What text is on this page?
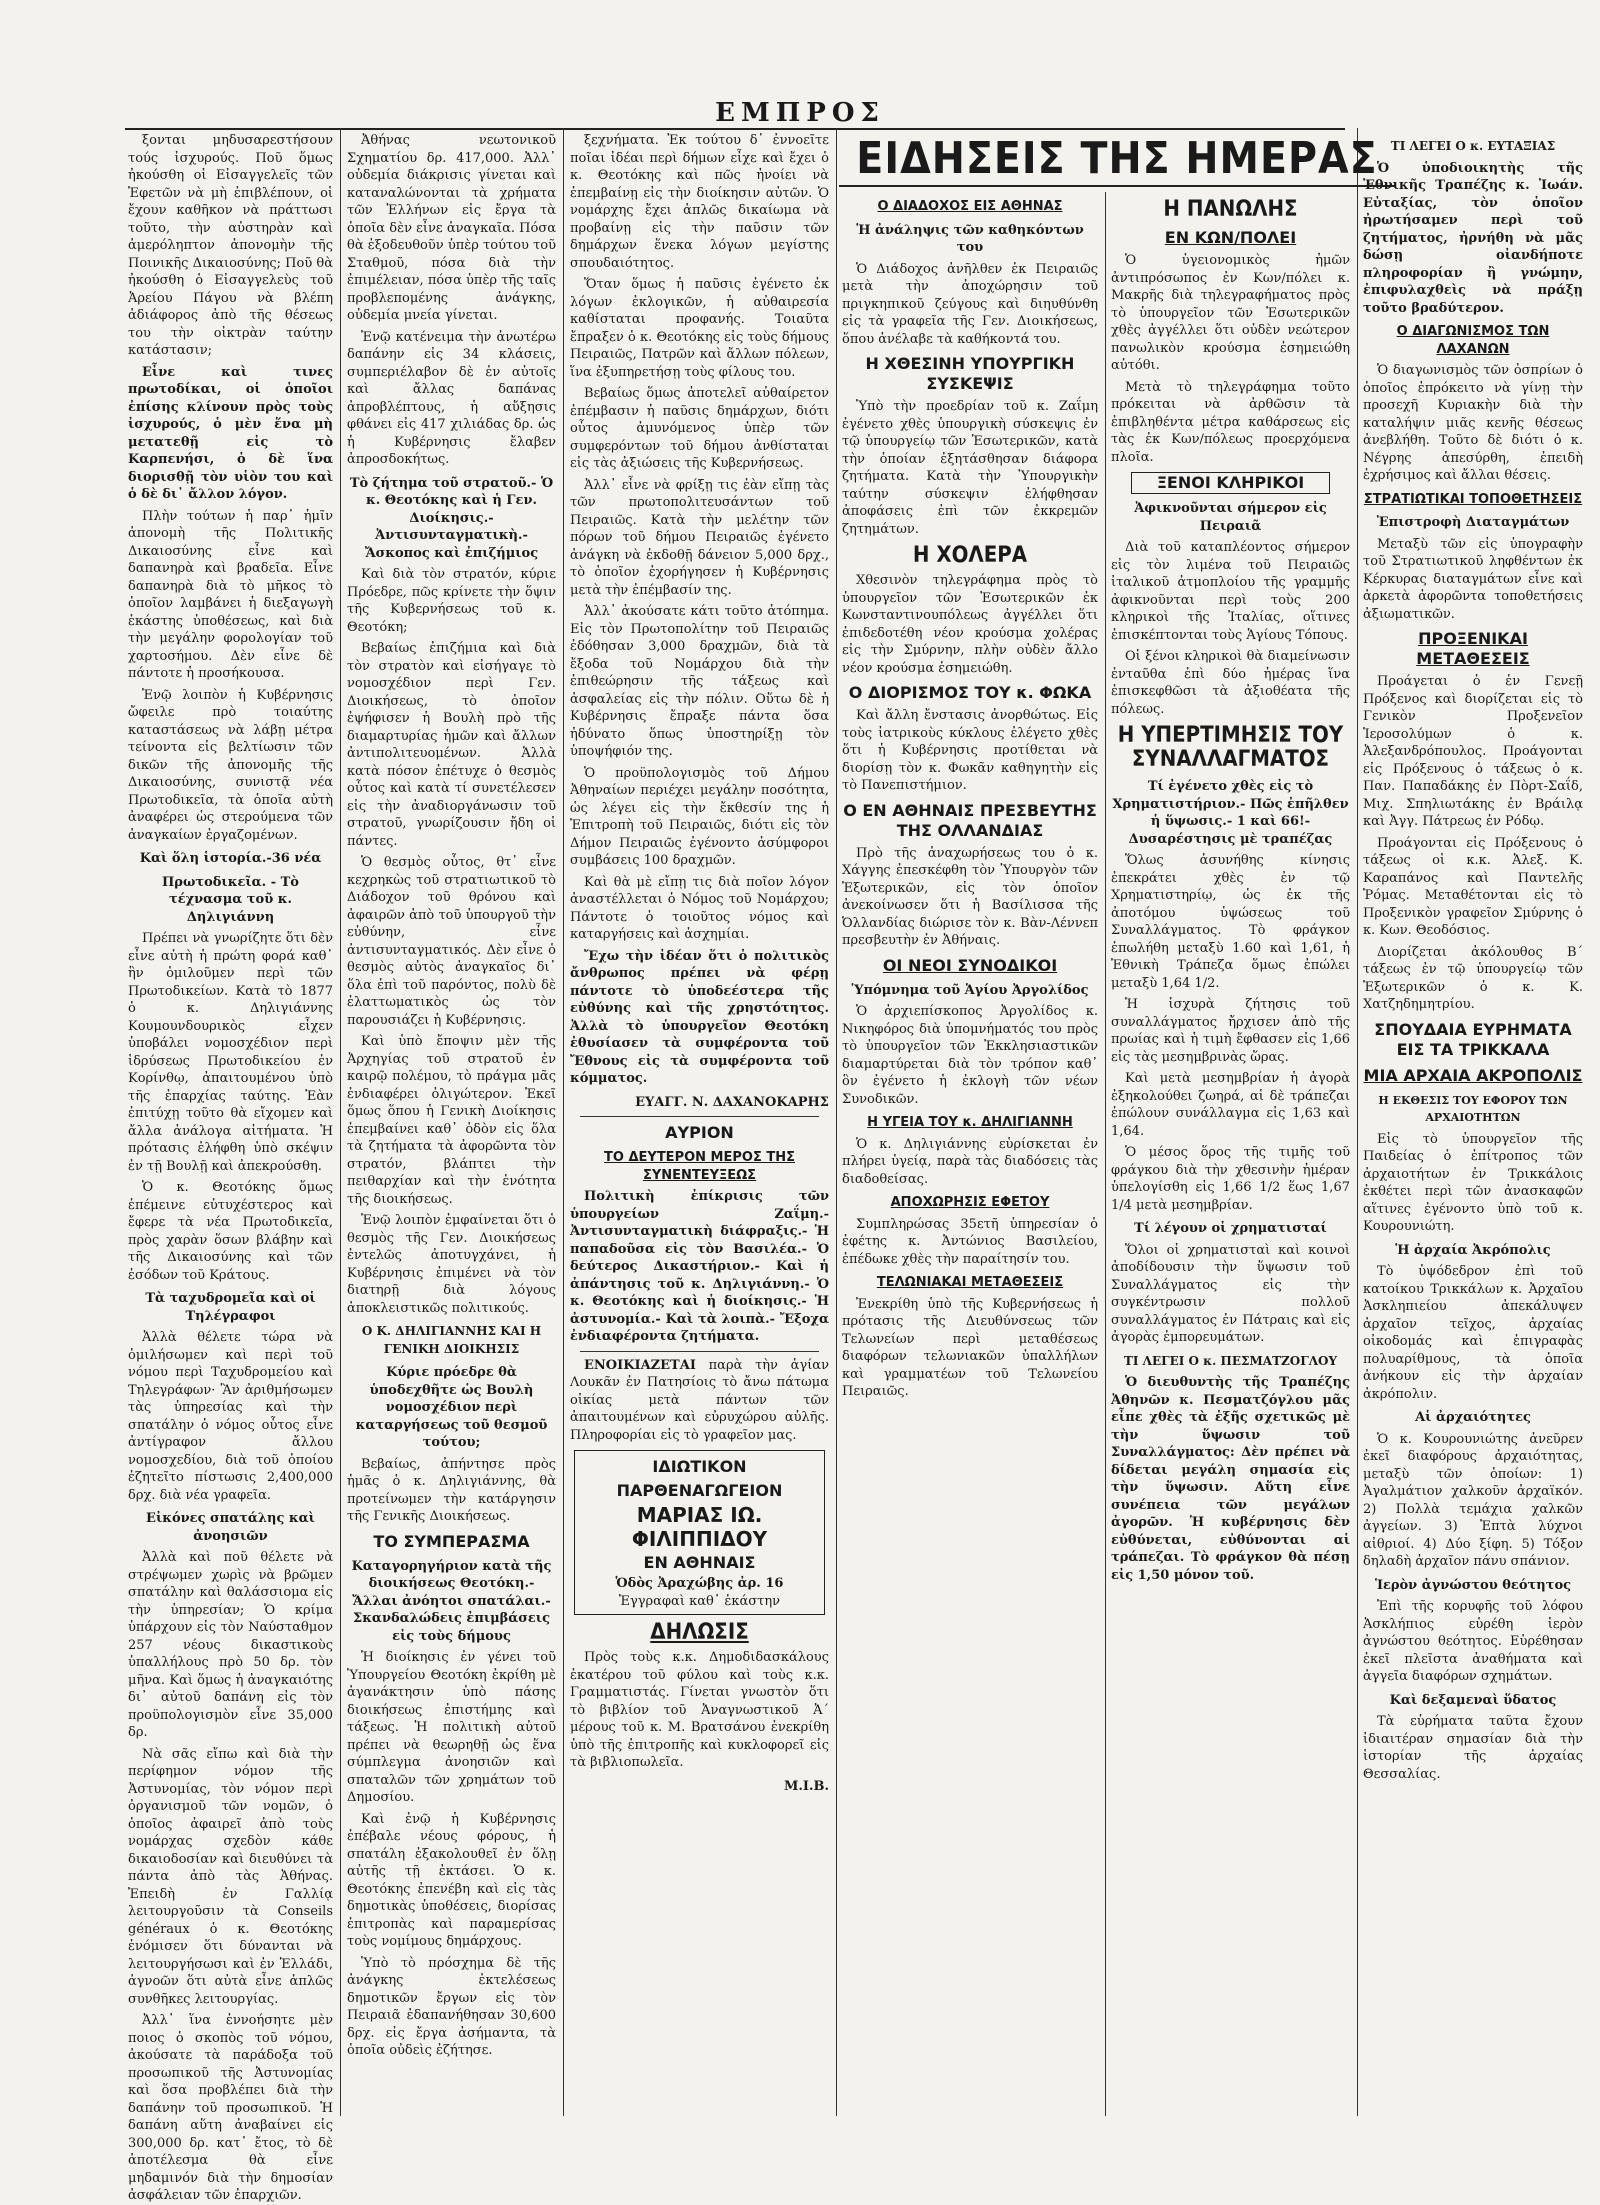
ΕΜΠΡΟΣ

ξονται μηδυσαρεστήσουν τούς ἰσχυρούς. Ποῦ ὅμως ἠκούσθη οἱ Εἰσαγγελεῖς τῶν Ἐφετῶν νὰ μὴ ἐπιβλέπουν, οἱ ἔχουν καθῆκον νὰ πράττωσι τοῦτο, τὴν αὐστηρὰν καὶ ἀμερόληπτον ἀπονομὴν τῆς Ποινικῆς Δικαιοσύνης; Ποῦ θὰ ἠκούσθη ὁ Εἰσαγγελεὺς τοῦ Ἀρείου Πάγου νὰ βλέπη ἀδιάφορος ἀπὸ τῆς θέσεως του τὴν οἰκτρὰν ταύτην κατάστασιν;

Εἶνε καὶ τινες πρωτοδίκαι, οἱ ὁποῖοι ἐπίσης κλίνουν πρὸς τοὺς ἰσχυρούς, ὁ μὲν ἕνα μὴ μετατεθῇ εἰς τὸ Καρπενήσι, ὁ δὲ ἵνα διορισθῇ τὸν υἱὸν του καὶ ὁ δὲ δι᾽ ἄλλον λόγον.

Πλὴν τούτων ἡ παρ᾽ ἡμῖν ἀπονομὴ τῆς Πολιτικῆς Δικαιοσύνης εἶνε καὶ δαπανηρὰ καὶ βραδεῖα. Εἶνε δαπανηρὰ διὰ τὸ μῆκος τὸ ὁποῖον λαμβάνει ἡ διεξαγωγὴ ἑκάστης ὑποθέσεως, καὶ διὰ τὴν μεγάλην φορολογίαν τοῦ χαρτοσήμου. Δὲν εἶνε δὲ πάντοτε ἡ προσήκουσα.

Ἐνῷ λοιπὸν ἡ Κυβέρνησις ὤφειλε πρὸ τοιαύτης καταστάσεως νὰ λάβῃ μέτρα τείνοντα εἰς βελτίωσιν τῶν δικῶν τῆς ἀπονομῆς τῆς Δικαιοσύνης, συνιστᾷ νέα Πρωτοδικεῖα, τὰ ὁποῖα αὐτὴ ἀναφέρει ὡς στερούμενα τῶν ἀναγκαίων ἐργαζομένων.

Καὶ ὅλη ἱστορία.-36 νέα
Πρωτοδικεῖα. - Τὸ τέχνασμα τοῦ κ. Δηλιγιάννη

Πρέπει νὰ γνωρίζητε ὅτι δὲν εἶνε αὐτὴ ἡ πρώτη φορά καθ᾽ ἣν ὁμιλοῦμεν περὶ τῶν Πρωτοδικείων. Κατὰ τὸ 1877 ὁ κ. Δηλιγιάννης Κουμουνδουρικὸς εἶχεν ὑποβάλει νομοσχέδιον περὶ ἱδρύσεως Πρωτοδικείου ἐν Κορίνθῳ, ἀπαιτουμένου ὑπὸ τῆς ἐπαρχίας ταύτης. Ἐὰν ἐπιτύχῃ τοῦτο θὰ εἴχομεν καὶ ἄλλα ἀνάλογα αἰτήματα. Ἡ πρότασις ἐλήφθη ὑπὸ σκέψιν ἐν τῇ Βουλῇ καὶ ἀπεκρούσθη.

Ὁ κ. Θεοτόκης ὅμως ἐπέμεινε εὐτυχέστερος καὶ ἔφερε τὰ νέα Πρωτοδικεῖα, πρὸς χαρὰν ὅσων βλάβην καὶ τῆς Δικαιοσύνης καὶ τῶν ἐσόδων τοῦ Κράτους.

Τὰ ταχυδρομεῖα καὶ οἱ Τηλέγραφοι

Ἀλλὰ θέλετε τώρα νὰ ὁμιλήσωμεν καὶ περὶ τοῦ νόμου περὶ Ταχυδρομείου καὶ Τηλεγράφων· Ἂν ἀριθμήσωμεν τὰς ὑπηρεσίας καὶ τὴν σπατάλην ὁ νόμος οὗτος εἶνε ἀντίγραφον ἄλλου νομοσχεδίου, διὰ τοῦ ὁποίου ἐζητεῖτο πίστωσις 2,400,000 δρχ. διὰ νέα γραφεῖα.

Εἰκόνες σπατάλης καὶ ἀνοησιῶν

Ἀλλὰ καὶ ποῦ θέλετε νὰ στρέψωμεν χωρὶς νὰ βρῶμεν σπατάλην καὶ θαλάσσιομα εἰς τὴν ὑπηρεσίαν; Ὁ κρίμα ὑπάρχουν εἰς τὸν Ναύσταθμον 257 νέους δικαστικοὺς ὑπαλλήλους πρὸ 50 δρ. τὸν μῆνα. Καὶ ὅμως ἡ ἀναγκαιότης δι᾽ αὐτοῦ δαπάνη εἰς τὸν προϋπολογισμὸν εἶνε 35,000 δρ.

Νὰ σᾶς εἴπω καὶ διὰ τὴν περίφημον νόμον τῆς Ἀστυνομίας, τὸν νόμον περὶ ὀργανισμοῦ τῶν νομῶν, ὁ ὁποῖος ἀφαιρεῖ ἀπὸ τοὺς νομάρχας σχεδὸν κάθε δικαιοδοσίαν καὶ διευθύνει τὰ πάντα ἀπὸ τὰς Ἀθήνας. Ἐπειδὴ ἐν Γαλλίᾳ λειτουργοῦσιν τὰ Conseils généraux ὁ κ. Θεοτόκης ἐνόμισεν ὅτι δύνανται νὰ λειτουργήσωσι καὶ ἐν Ἑλλάδι, ἀγνοῶν ὅτι αὐτὰ εἶνε ἀπλῶς συνθῆκες λειτουργίας.

Ἀλλ᾽ ἵνα ἐννοήσητε μὲν ποιος ὁ σκοπὸς τοῦ νόμου, ἀκούσατε τὰ παράδοξα τοῦ προσωπικοῦ τῆς Ἀστυνομίας καὶ ὅσα προβλέπει διὰ τὴν δαπάνην τοῦ προσωπικοῦ. Ἡ δαπάνη αὕτη ἀναβαίνει εἰς 300,000 δρ. κατ᾽ ἔτος, τὸ δὲ ἀποτέλεσμα θὰ εἶνε μηδαμινόν διὰ τὴν δημοσίαν ἀσφάλειαν τῶν ἐπαρχιῶν.

Ἀθήνας νεωτονικοῦ Σχηματίου δρ. 417,000. Ἀλλ᾽ οὐδεμία διάκρισις γίνεται καὶ καταναλώνονται τὰ χρήματα τῶν Ἑλλήνων εἰς ἔργα τὰ ὁποῖα δὲν εἶνε ἀναγκαῖα. Πόσα θὰ ἐξοδευθοῦν ὑπὲρ τούτου τοῦ Σταθμοῦ, πόσα διὰ τὴν ἐπιμέλειαν, πόσα ὑπὲρ τῆς ταῖς προβλεπομένης ἀνάγκης, οὐδεμία μνεία γίνεται.

Ἐνῷ κατένειμα τὴν ἀνωτέρω δαπάνην εἰς 34 κλάσεις, συμπεριέλαβον δὲ ἐν αὐτοῖς καὶ ἄλλας δαπάνας ἀπροβλέπτους, ἡ αὔξησις φθάνει εἰς 417 χιλιάδας δρ. ὡς ἡ Κυβέρνησις ἔλαβεν ἀπροσδοκήτως.

Τὸ ζήτημα τοῦ στρατοῦ.- Ὁ κ. Θεοτόκης καὶ ἡ Γεν. Διοίκησις.- Ἀντισυνταγματικὴ.- Ἄσκοπος καὶ ἐπιζήμιος

Καὶ διὰ τὸν στρατόν, κύριε Πρόεδρε, πῶς κρίνετε τὴν ὅψιν τῆς Κυβερνήσεως τοῦ κ. Θεοτόκη;

Βεβαίως ἐπιζήμια καὶ διὰ τὸν στρατὸν καὶ εἰσήγαγε τὸ νομοσχέδιον περὶ Γεν. Διοικήσεως, τὸ ὁποῖον ἐψήφισεν ἡ Βουλὴ πρὸ τῆς διαμαρτυρίας ἡμῶν καὶ ἄλλων ἀντιπολιτευομένων. Ἀλλὰ κατὰ πόσον ἐπέτυχε ὁ θεσμὸς οὗτος καὶ κατὰ τί συνετέλεσεν εἰς τὴν ἀναδιοργάνωσιν τοῦ στρατοῦ, γνωρίζουσιν ἤδη οἱ πάντες.

Ὁ θεσμὸς οὗτος, θτ᾽ εἶνε κεχρηκὼς τοῦ στρατιωτικοῦ τὸ Διάδοχον τοῦ θρόνου καὶ ἀφαιρῶν ἀπὸ τοῦ ὑπουργοῦ τὴν εὐθύνην, εἶνε ἀντισυνταγματικός. Δὲν εἶνε ὁ θεσμὸς αὐτὸς ἀναγκαῖος δι᾽ ὅλα ἐπὶ τοῦ παρόντος, πολὺ δὲ ἐλαττωματικὸς ὡς τὸν παρουσιάζει ἡ Κυβέρνησις.

Καὶ ὑπὸ ἔποψιν μὲν τῆς Ἀρχηγίας τοῦ στρατοῦ ἐν καιρῷ πολέμου, τὸ πράγμα μᾶς ἐνδιαφέρει ὀλιγώτερον. Ἐκεῖ ὅμως ὅπου ἡ Γενικὴ Διοίκησις ἐπεμβαίνει καθ᾽ ὁδὸν εἰς ὅλα τὰ ζητήματα τὰ ἀφορῶντα τὸν στρατόν, βλάπτει τὴν πειθαρχίαν καὶ τὴν ἑνότητα τῆς διοικήσεως.

Ἐνῷ λοιπὸν ἐμφαίνεται ὅτι ὁ θεσμὸς τῆς Γεν. Διοικήσεως ἐντελῶς ἀποτυγχάνει, ἡ Κυβέρνησις ἐπιμένει νὰ τὸν διατηρῇ διὰ λόγους ἀποκλειστικῶς πολιτικούς.

Ο Κ. ΔΗΛΙΓΙΑΝΝΗΣ ΚΑΙ Η ΓΕΝΙΚΗ ΔΙΟΙΚΗΣΙΣ
Κύριε πρόεδρε θὰ ὑποδεχθῆτε ὡς Βουλὴ νομοσχέδιον περὶ καταργήσεως τοῦ θεσμοῦ τούτου;

Βεβαίως, ἀπήντησε πρὸς ἡμᾶς ὁ κ. Δηλιγιάννης, θὰ προτείνωμεν τὴν κατάργησιν τῆς Γενικῆς Διοικήσεως.

ΤΟ ΣΥΜΠΕΡΑΣΜΑ
Καταγορηγήριον κατὰ τῆς διοικήσεως Θεοτόκη.- Ἄλλαι ἀνόητοι σπατάλαι.- Σκανδαλώδεις ἐπιμβάσεις εἰς τοὺς δήμους

Ἡ διοίκησις ἐν γένει τοῦ Ὑπουργείου Θεοτόκη ἐκρίθη μὲ ἀγανάκτησιν ὑπὸ πάσης διοικήσεως ἐπιστήμης καὶ τάξεως. Ἡ πολιτικὴ αὐτοῦ πρέπει νὰ θεωρηθῇ ὡς ἕνα σύμπλεγμα ἀνοησιῶν καὶ σπαταλῶν τῶν χρημάτων τοῦ Δημοσίου.

Καὶ ἐνῷ ἡ Κυβέρνησις ἐπέβαλε νέους φόρους, ἡ σπατάλη ἐξακολουθεῖ ἐν ὅλῃ αὐτῆς τῇ ἐκτάσει. Ὁ κ. Θεοτόκης ἐπενέβη καὶ εἰς τὰς δημοτικὰς ὑποθέσεις, διορίσας ἐπιτροπὰς καὶ παραμερίσας τοὺς νομίμους δημάρχους.

Ὑπὸ τὸ πρόσχημα δὲ τῆς ἀνάγκης ἐκτελέσεως δημοτικῶν ἔργων εἰς τὸν Πειραιᾶ ἐδαπανήθησαν 30,600 δρχ. εἰς ἔργα ἀσήμαντα, τὰ ὁποῖα οὐδεὶς ἐζήτησε.

ξεχνήματα. Ἐκ τούτου δ᾽ ἐννοεῖτε ποῖαι ἰδέαι περὶ δήμων εἶχε καὶ ἔχει ὁ κ. Θεοτόκης καὶ πῶς ἠνοίει νὰ ἐπεμβαίνῃ εἰς τὴν διοίκησιν αὐτῶν. Ὁ νομάρχης ἔχει ἁπλῶς δικαίωμα νὰ προβαίνῃ εἰς τὴν παῦσιν τῶν δημάρχων ἕνεκα λόγων μεγίστης σπουδαιότητος.

Ὅταν ὅμως ἡ παῦσις ἐγένετο ἐκ λόγων ἐκλογικῶν, ἡ αὐθαιρεσία καθίσταται προφανής. Τοιαῦτα ἔπραξεν ὁ κ. Θεοτόκης εἰς τοὺς δήμους Πειραιῶς, Πατρῶν καὶ ἄλλων πόλεων, ἵνα ἐξυπηρετήσῃ τοὺς φίλους του.

Βεβαίως ὅμως ἀποτελεῖ αὐθαίρετον ἐπέμβασιν ἡ παῦσις δημάρχων, διότι οὗτος ἀμυνόμενος ὑπὲρ τῶν συμφερόντων τοῦ δήμου ἀνθίσταται εἰς τὰς ἀξιώσεις τῆς Κυβερνήσεως.

Ἀλλ᾽ εἶνε νὰ φρίξῃ τις ἐὰν εἴπῃ τὰς τῶν πρωτοπολιτευσάντων τοῦ Πειραιῶς. Κατὰ τὴν μελέτην τῶν πόρων τοῦ δήμου Πειραιῶς ἐγένετο ἀνάγκη νὰ ἐκδοθῇ δάνειον 5,000 δρχ., τὸ ὁποῖον ἐχορήγησεν ἡ Κυβέρνησις μετὰ τὴν ἐπέμβασίν της.

Ἀλλ᾽ ἀκούσατε κάτι τοῦτο ἀτόπημα. Εἰς τὸν Πρωτοπολίτην τοῦ Πειραιῶς ἐδόθησαν 3,000 δραχμῶν, διὰ τὰ ἔξοδα τοῦ Νομάρχου διὰ τὴν ἐπιθεώρησιν τῆς τάξεως καὶ ἀσφαλείας εἰς τὴν πόλιν. Οὕτω δὲ ἡ Κυβέρνησις ἔπραξε πάντα ὅσα ἠδύνατο ὅπως ὑποστηρίξῃ τὸν ὑποψήφιόν της.

Ὁ προϋπολογισμὸς τοῦ Δήμου Ἀθηναίων περιέχει μεγάλην ποσότητα, ὡς λέγει εἰς τὴν ἔκθεσίν της ἡ Ἐπιτροπὴ τοῦ Πειραιῶς, διότι εἰς τὸν Δήμον Πειραιῶς ἐγένοντο ἀσύμφοροι συμβάσεις 100 δραχμῶν.

Καὶ θὰ μὲ εἴπῃ τις διὰ ποῖον λόγον ἀναστέλλεται ὁ Νόμος τοῦ Νομάρχου; Πάντοτε ὁ τοιοῦτος νόμος καὶ καταργήσεις καὶ ἀσχημίαι.

Ἔχω τὴν ἰδέαν ὅτι ὁ πολιτικὸς ἄνθρωπος πρέπει νὰ φέρῃ πάντοτε τὸ ὑποδεέστερα τῆς εὐθύνης καὶ τῆς χρηστότητος. Ἀλλὰ τὸ ὑπουργεῖον Θεοτόκη ἐθυσίασεν τὰ συμφέροντα τοῦ Ἔθνους εἰς τὰ συμφέροντα τοῦ κόμματος.

ΕΥΑΓΓ. Ν. ΔΑΧΑΝΟΚΑΡΗΣ
ΑΥΡΙΟΝ
ΤΟ ΔΕΥΤΕΡΟΝ ΜΕΡΟΣ ΤΗΣ ΣΥΝΕΝΤΕΥΞΕΩΣ

Πολιτικὴ ἐπίκρισις τῶν ὑπουργείων Ζαΐμη.- Ἀντισυνταγματικὴ διάφραξις.- Ἡ παπαδοῦσα εἰς τὸν Βασιλέα.- Ὁ δεύτερος Δικαστήριον.- Καὶ ἡ ἀπάντησις τοῦ κ. Δηλιγιάννη.- Ὁ κ. Θεοτόκης καὶ ἡ διοίκησις.- Ἡ ἀστυνομία.- Καὶ τὰ λοιπὰ.- Ἔξοχα ἐνδιαφέροντα ζητήματα.

ΕΝΟΙΚΙΑΖΕΤΑΙ παρὰ τὴν ἁγίαν Λουκᾶν ἐν Πατησίοις τὸ ἄνω πάτωμα οἰκίας μετὰ πάντων τῶν ἀπαιτουμένων καὶ εὐρυχώρου αὐλῆς. Πληροφορίαι εἰς τὸ γραφεῖον μας.

ΙΔΙΩΤΙΚΟΝ ΠΑΡΘΕΝΑΓΩΓΕΙΟΝ
ΜΑΡΙΑΣ ΙΩ. ΦΙΛΙΠΠΙΔΟΥ
ΕΝ ΑΘΗΝΑΙΣ
Ὁδὸς Ἀραχώβης ἀρ. 16
Ἐγγραφαὶ καθ᾽ ἑκάστην
ΔΗΛΩΣΙΣ

Πρὸς τοὺς κ.κ. Δημοδιδασκάλους ἑκατέρου τοῦ φύλου καὶ τοὺς κ.κ. Γραμματιστάς. Γίνεται γνωστὸν ὅτι τὸ βιβλίον τοῦ Ἀναγνωστικοῦ Ἀ΄ μέρους τοῦ κ. Μ. Βρατσάνου ἐνεκρίθη ὑπὸ τῆς ἐπιτροπῆς καὶ κυκλοφορεῖ εἰς τὰ βιβλιοπωλεῖα.

Μ.Ι.Β.
ΕΙΔΗΣΕΙΣ ΤΗΣ ΗΜΕΡΑΣ
Ο ΔΙΑΔΟΧΟΣ ΕΙΣ ΑΘΗΝΑΣ
Ἡ ἀνάληψις τῶν καθηκόντων του

Ὁ Διάδοχος ἀνῆλθεν ἐκ Πειραιῶς μετὰ τὴν ἀποχώρησιν τοῦ πριγκηπικοῦ ζεύγους καὶ διηυθύνθη εἰς τὰ γραφεῖα τῆς Γεν. Διοικήσεως, ὅπου ἀνέλαβε τὰ καθήκοντά του.

Η ΧΘΕΣΙΝΗ ΥΠΟΥΡΓΙΚΗ ΣΥΣΚΕΨΙΣ

Ὑπὸ τὴν προεδρίαν τοῦ κ. Ζαΐμη ἐγένετο χθὲς ὑπουργικὴ σύσκεψις ἐν τῷ ὑπουργείῳ τῶν Ἐσωτερικῶν, κατὰ τὴν ὁποίαν ἐξητάσθησαν διάφορα ζητήματα. Κατὰ τὴν Ὑπουργικὴν ταύτην σύσκεψιν ἐλήφθησαν ἀποφάσεις ἐπὶ τῶν ἐκκρεμῶν ζητημάτων.

Η ΧΟΛΕΡΑ

Χθεσινὸν τηλεγράφημα πρὸς τὸ ὑπουργεῖον τῶν Ἐσωτερικῶν ἐκ Κωνσταντινουπόλεως ἀγγέλλει ὅτι ἐπιδεδοτέθη νέον κρούσμα χολέρας εἰς τὴν Σμύρνην, πλὴν οὐδὲν ἄλλο νέον κρούσμα ἐσημειώθη.

Ο ΔΙΟΡΙΣΜΟΣ ΤΟΥ κ. ΦΩΚΑ

Καὶ ἄλλη ἔνστασις ἀνορθώτως. Εἰς τοὺς ἰατρικοὺς κύκλους ἐλέγετο χθὲς ὅτι ἡ Κυβέρνησις προτίθεται νὰ διορίσῃ τὸν κ. Φωκᾶν καθηγητὴν εἰς τὸ Πανεπιστήμιον.

Ο ΕΝ ΑΘΗΝΑΙΣ ΠΡΕΣΒΕΥΤΗΣ ΤΗΣ ΟΛΛΑΝΔΙΑΣ

Πρὸ τῆς ἀναχωρήσεως του ὁ κ. Χάγγης ἐπεσκέφθη τὸν Ὑπουργὸν τῶν Ἐξωτερικῶν, εἰς τὸν ὁποῖον ἀνεκοίνωσεν ὅτι ἡ Βασίλισσα τῆς Ὀλλανδίας διώρισε τὸν κ. Βὰν-Λέννεπ πρεσβευτὴν ἐν Ἀθήναις.

ΟΙ ΝΕΟΙ ΣΥΝΟΔΙΚΟΙ
Ὑπόμνημα τοῦ Ἁγίου Ἀργολίδος

Ὁ ἀρχιεπίσκοπος Ἀργολίδος κ. Νικηφόρος διὰ ὑπομνήματός του πρὸς τὸ ὑπουργεῖον τῶν Ἐκκλησιαστικῶν διαμαρτύρεται διὰ τὸν τρόπον καθ᾽ ὃν ἐγένετο ἡ ἐκλογὴ τῶν νέων Συνοδικῶν.

Η ΥΓΕΙΑ ΤΟΥ κ. ΔΗΛΙΓΙΑΝΝΗ

Ὁ κ. Δηλιγιάννης εὑρίσκεται ἐν πλήρει ὑγείᾳ, παρὰ τὰς διαδόσεις τὰς διαδοθείσας.

ΑΠΟΧΩΡΗΣΙΣ ΕΦΕΤΟΥ

Συμπληρώσας 35ετῆ ὑπηρεσίαν ὁ ἐφέτης κ. Ἀντώνιος Βασιλείου, ἐπέδωκε χθὲς τὴν παραίτησίν του.

ΤΕΛΩΝΙΑΚΑΙ ΜΕΤΑΘΕΣΕΙΣ

Ἐνεκρίθη ὑπὸ τῆς Κυβερνήσεως ἡ πρότασις τῆς Διευθύνσεως τῶν Τελωνείων περὶ μεταθέσεως διαφόρων τελωνιακῶν ὑπαλλήλων καὶ γραμματέων τοῦ Τελωνείου Πειραιῶς.

Η ΠΑΝΩΛΗΣ
ΕΝ ΚΩΝ/ΠΟΛΕΙ

Ὁ ὑγειονομικὸς ἡμῶν ἀντιπρόσωπος ἐν Κων/πόλει κ. Μακρῆς διὰ τηλεγραφήματος πρὸς τὸ ὑπουργεῖον τῶν Ἐσωτερικῶν χθὲς ἀγγέλλει ὅτι οὐδὲν νεώτερον πανωλικὸν κρούσμα ἐσημειώθη αὐτόθι.

Μετὰ τὸ τηλεγράφημα τοῦτο πρόκειται νὰ ἀρθῶσιν τὰ ἐπιβληθέντα μέτρα καθάρσεως εἰς τὰς ἐκ Κων/πόλεως προερχόμενα πλοῖα.

ΞΕΝΟΙ ΚΛΗΡΙΚΟΙ
Ἀφικνοῦνται σήμερον εἰς Πειραιᾶ

Διὰ τοῦ καταπλέοντος σήμερον εἰς τὸν λιμένα τοῦ Πειραιῶς ἰταλικοῦ ἀτμοπλοίου τῆς γραμμῆς ἀφικνοῦνται περὶ τοὺς 200 κληρικοὶ τῆς Ἰταλίας, οἵτινες ἐπισκέπτονται τοὺς Ἁγίους Τόπους.

Οἱ ξένοι κληρικοὶ θὰ διαμείνωσιν ἐνταῦθα ἐπὶ δύο ἡμέρας ἵνα ἐπισκεφθῶσι τὰ ἀξιοθέατα τῆς πόλεως.

Η ΥΠΕΡΤΙΜΗΣΙΣ ΤΟΥ ΣΥΝΑΛΛΑΓΜΑΤΟΣ
Τί ἐγένετο χθὲς εἰς τὸ Χρηματιστήριον.- Πῶς ἐπῆλθεν ἡ ὕψωσις.- 1 καὶ 66!- Δυσαρέστησις μὲ τραπέζας

Ὅλως ἀσυνήθης κίνησις ἐπεκράτει χθὲς ἐν τῷ Χρηματιστηρίῳ, ὡς ἐκ τῆς ἀποτόμου ὑψώσεως τοῦ Συναλλάγματος. Τὸ φράγκον ἐπωλήθη μεταξὺ 1.60 καὶ 1,61, ἡ Ἐθνικὴ Τράπεζα ὅμως ἐπώλει μεταξὺ 1,64 1/2.

Ἡ ἰσχυρὰ ζήτησις τοῦ συναλλάγματος ἤρχισεν ἀπὸ τῆς πρωίας καὶ ἡ τιμὴ ἔφθασεν εἰς 1,66 εἰς τὰς μεσημβρινὰς ὥρας.

Καὶ μετὰ μεσημβρίαν ἡ ἀγορὰ ἐξηκολούθει ζωηρά, αἱ δὲ τράπεζαι ἐπώλουν συνάλλαγμα εἰς 1,63 καὶ 1,64.

Ὁ μέσος ὅρος τῆς τιμῆς τοῦ φράγκου διὰ τὴν χθεσινὴν ἡμέραν ὑπελογίσθη εἰς 1,66 1/2 ἕως 1,67 1/4 μετὰ μεσημβρίαν.

Τί λέγουν οἱ χρηματισταί

Ὅλοι οἱ χρηματισταὶ καὶ κοινοὶ ἀποδίδουσιν τὴν ὕψωσιν τοῦ Συναλλάγματος εἰς τὴν συγκέντρωσιν πολλοῦ συναλλάγματος ἐν Πάτραις καὶ εἰς ἀγορὰς ἐμπορευμάτων.

ΤΙ ΛΕΓΕΙ Ο κ. ΠΕΣΜΑΤΖΟΓΛΟΥ

Ὁ διευθυντὴς τῆς Τραπέζης Ἀθηνῶν κ. Πεσματζόγλου μᾶς εἶπε χθὲς τὰ ἑξῆς σχετικῶς μὲ τὴν ὕψωσιν τοῦ Συναλλάγματος: Δὲν πρέπει νὰ δίδεται μεγάλη σημασία εἰς τὴν ὕψωσιν. Αὕτη εἶνε συνέπεια τῶν μεγάλων ἀγορῶν. Ἡ κυβέρνησις δὲν εὐθύνεται, εὐθύνονται αἱ τράπεζαι. Τὸ φράγκον θὰ πέσῃ εἰς 1,50 μόνον τοῦ.

ΤΙ ΛΕΓΕΙ Ο κ. ΕΥΤΑΞΙΑΣ

Ὁ ὑποδιοικητὴς τῆς Ἐθνικῆς Τραπέζης κ. Ἰωάν. Εὐταξίας, τὸν ὁποῖον ἠρωτήσαμεν περὶ τοῦ ζητήματος, ἠρνήθη νὰ μᾶς δώσῃ οἰανδήποτε πληροφορίαν ἢ γνώμην, ἐπιφυλαχθεὶς νὰ πράξῃ τοῦτο βραδύτερον.

Ο ΔΙΑΓΩΝΙΣΜΟΣ ΤΩΝ ΛΑΧΑΝΩΝ

Ὁ διαγωνισμὸς τῶν ὀσπρίων ὁ ὁποῖος ἐπρόκειτο νὰ γίνῃ τὴν προσεχῆ Κυριακὴν διὰ τὴν καταλήψιν μιᾶς κενῆς θέσεως ἀνεβλήθη. Τοῦτο δὲ διότι ὁ κ. Νέγρης ἀπεσύρθη, ἐπειδὴ ἐχρήσιμος καὶ ἄλλαι θέσεις.

ΣΤΡΑΤΙΩΤΙΚΑΙ ΤΟΠΟΘΕΤΗΣΕΙΣ
Ἐπιστροφὴ Διαταγμάτων

Μεταξὺ τῶν εἰς ὑπογραφὴν τοῦ Στρατιωτικοῦ ληφθέντων ἐκ Κέρκυρας διαταγμάτων εἶνε καὶ ἀρκετὰ ἀφορῶντα τοποθετήσεις ἀξιωματικῶν.

ΠΡΟΞΕΝΙΚΑΙ ΜΕΤΑΘΕΣΕΙΣ

Προάγεται ὁ ἐν Γενεῇ Πρόξενος καὶ διορίζεται εἰς τὸ Γενικὸν Προξενεῖον Ἱεροσολύμων ὁ κ. Ἀλεξανδρόπουλος. Προάγονται εἰς Πρόξενους ὁ τάξεως ὁ κ. Παν. Παπαδάκης ἐν Πὸρτ-Σαΐδ, Μιχ. Σπηλιωτάκης ἐν Βράιλᾳ καὶ Ἀγγ. Πάτρεως ἐν Ρόδῳ.

Προάγονται εἰς Πρόξενους ὁ τάξεως οἱ κ.κ. Ἀλεξ. Κ. Καραπάνος καὶ Παντελῆς Ῥόμας. Μεταθέτονται εἰς τὸ Προξενικὸν γραφεῖον Σμύρνης ὁ κ. Κων. Θεοδόσιος.

Διορίζεται ἀκόλουθος Β΄ τάξεως ἐν τῷ ὑπουργείῳ τῶν Ἐξωτερικῶν ὁ κ. Κ. Χατζηδημητρίου.

ΣΠΟΥΔΑΙΑ ΕΥΡΗΜΑΤΑ ΕΙΣ ΤΑ ΤΡΙΚΚΑΛΑ
ΜΙΑ ΑΡΧΑΙΑ ΑΚΡΟΠΟΛΙΣ
Η ΕΚΘΕΣΙΣ ΤΟΥ ΕΦΟΡΟΥ ΤΩΝ ΑΡΧΑΙΟΤΗΤΩΝ

Εἰς τὸ ὑπουργεῖον τῆς Παιδείας ὁ ἐπίτροπος τῶν ἀρχαιοτήτων ἐν Τρικκάλοις ἐκθέτει περὶ τῶν ἀνασκαφῶν αἵτινες ἐγένοντο ὑπὸ τοῦ κ. Κουρουνιώτη.

Ἡ ἀρχαία Ἀκρόπολις

Τὸ ὑψόδεδρον ἐπὶ τοῦ κατοίκου Τρικκάλων κ. Ἀρχαῖου Ἀσκληπιείου ἀπεκάλυψεν ἀρχαῖον τεῖχος, ἀρχαίας οἰκοδομάς καὶ ἐπιγραφὰς πολυαρίθμους, τὰ ὁποῖα ἀνήκουν εἰς τὴν ἀρχαίαν ἀκρόπολιν.

Αἱ ἀρχαιότητες

Ὁ κ. Κουρουνιώτης ἀνεῦρεν ἐκεῖ διαφόρους ἀρχαιότητας, μεταξὺ τῶν ὁποίων: 1) Ἀγαλμάτιον χαλκοῦν ἀρχαϊκόν. 2) Πολλὰ τεμάχια χαλκῶν ἀγγείων. 3) Ἑπτὰ λύχνοι αἰθριοί. 4) Δύο ξίφη. 5) Τόξον δηλαδὴ ἀρχαῖον πάνυ σπάνιον.

Ἱερὸν ἀγνώστου θεότητος

Ἐπὶ τῆς κορυφῆς τοῦ λόφου Ἀσκλήπιος εὑρέθη ἱερὸν ἀγνώστου θεότητος. Εὑρέθησαν ἐκεῖ πλεῖστα ἀναθήματα καὶ ἀγγεῖα διαφόρων σχημάτων.

Καὶ δεξαμεναὶ ὕδατος

Τὰ εὑρήματα ταῦτα ἔχουν ἰδιαιτέραν σημασίαν διὰ τὴν ἱστορίαν τῆς ἀρχαίας Θεσσαλίας.
